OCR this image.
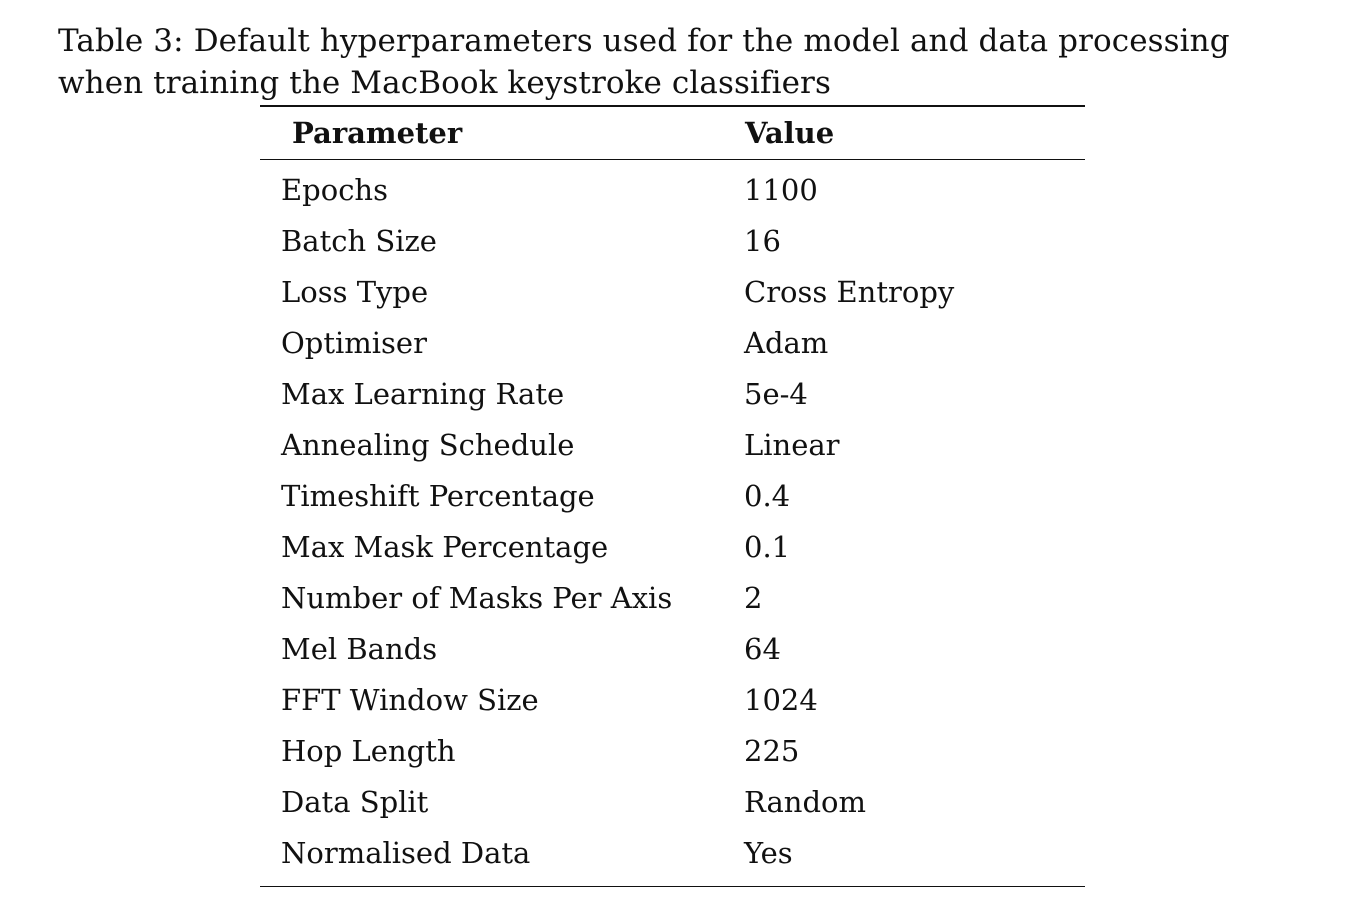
Table 3: Default hyperparameters used for the model and data processing when training the MacBook keystroke classifiers
Parameter	Value
Epochs	1100
Batch Size	16
Loss Type	Cross Entropy
Optimiser	Adam
Max Learning Rate	5e-4
Annealing Schedule	Linear
Timeshift Percentage	0.4
Max Mask Percentage	0.1
Number of Masks Per Axis 2
Mel Bands	64
FFT Window Size	1024
Hop Length	225
Data Split	Random
Normalised Data	Yes
